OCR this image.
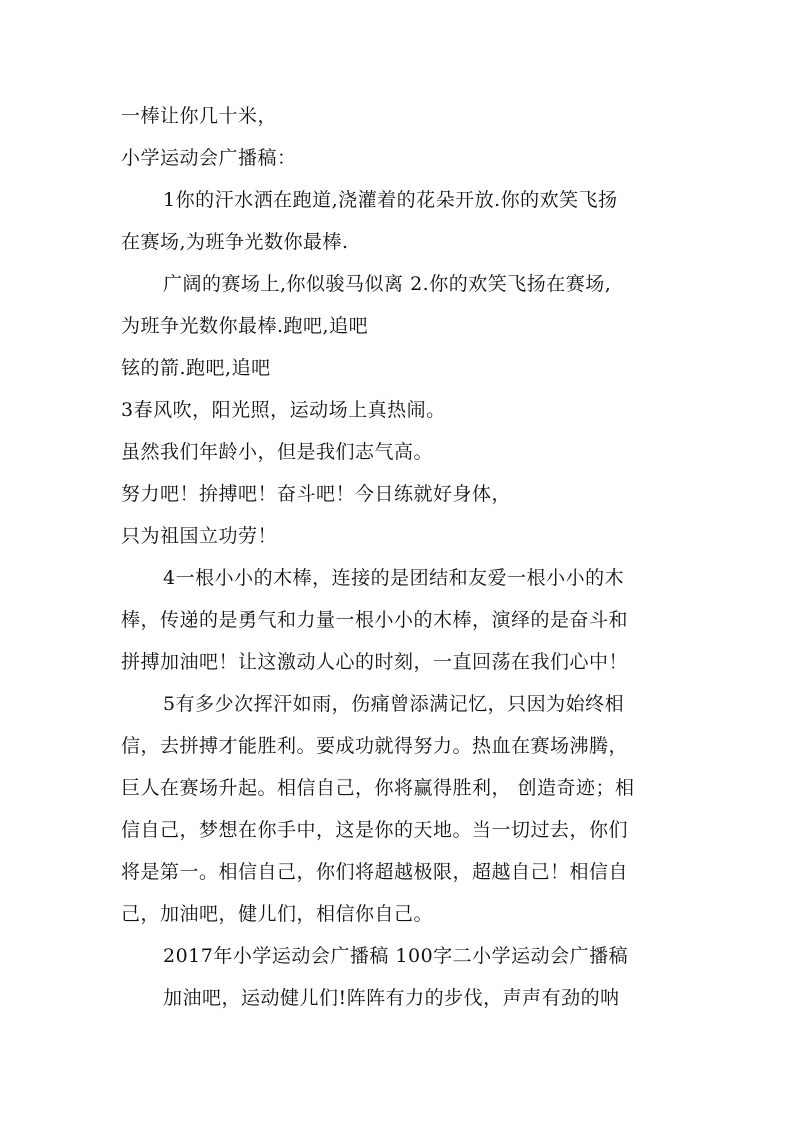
一棒让你几十米，
小学运动会广播稿：
1你的汗水洒在跑道,浇灌着的花朵开放.你的欢笑飞扬
在赛场,为班争光数你最棒.
广阔的赛场上,你似骏马似离 2.你的欢笑飞扬在赛场,
为班争光数你最棒.跑吧,追吧
铉的箭.跑吧,追吧
3春风吹，阳光照，运动场上真热闹。
虽然我们年龄小，但是我们志气高。
努力吧！拚搏吧！奋斗吧！今日练就好身体，
只为祖国立功劳！
4一根小小的木棒，连接的是团结和友爱一根小小的木
棒，传递的是勇气和力量一根小小的木棒，演绎的是奋斗和
拼搏加油吧！让这激动人心的时刻，一直回荡在我们心中！
5有多少次挥汗如雨，伤痛曾添满记忆，只因为始终相
信，去拼搏才能胜利。要成功就得努力。热血在赛场沸腾，
巨人在赛场升起。相信自己，你将赢得胜利， 创造奇迹；相
信自己，梦想在你手中，这是你的天地。当一切过去，你们
将是第一。相信自己，你们将超越极限，超越自己！相信自
己，加油吧，健儿们，相信你自己。
2017年小学运动会广播稿 100字二小学运动会广播稿
加油吧，运动健儿们!阵阵有力的步伐，声声有劲的呐
